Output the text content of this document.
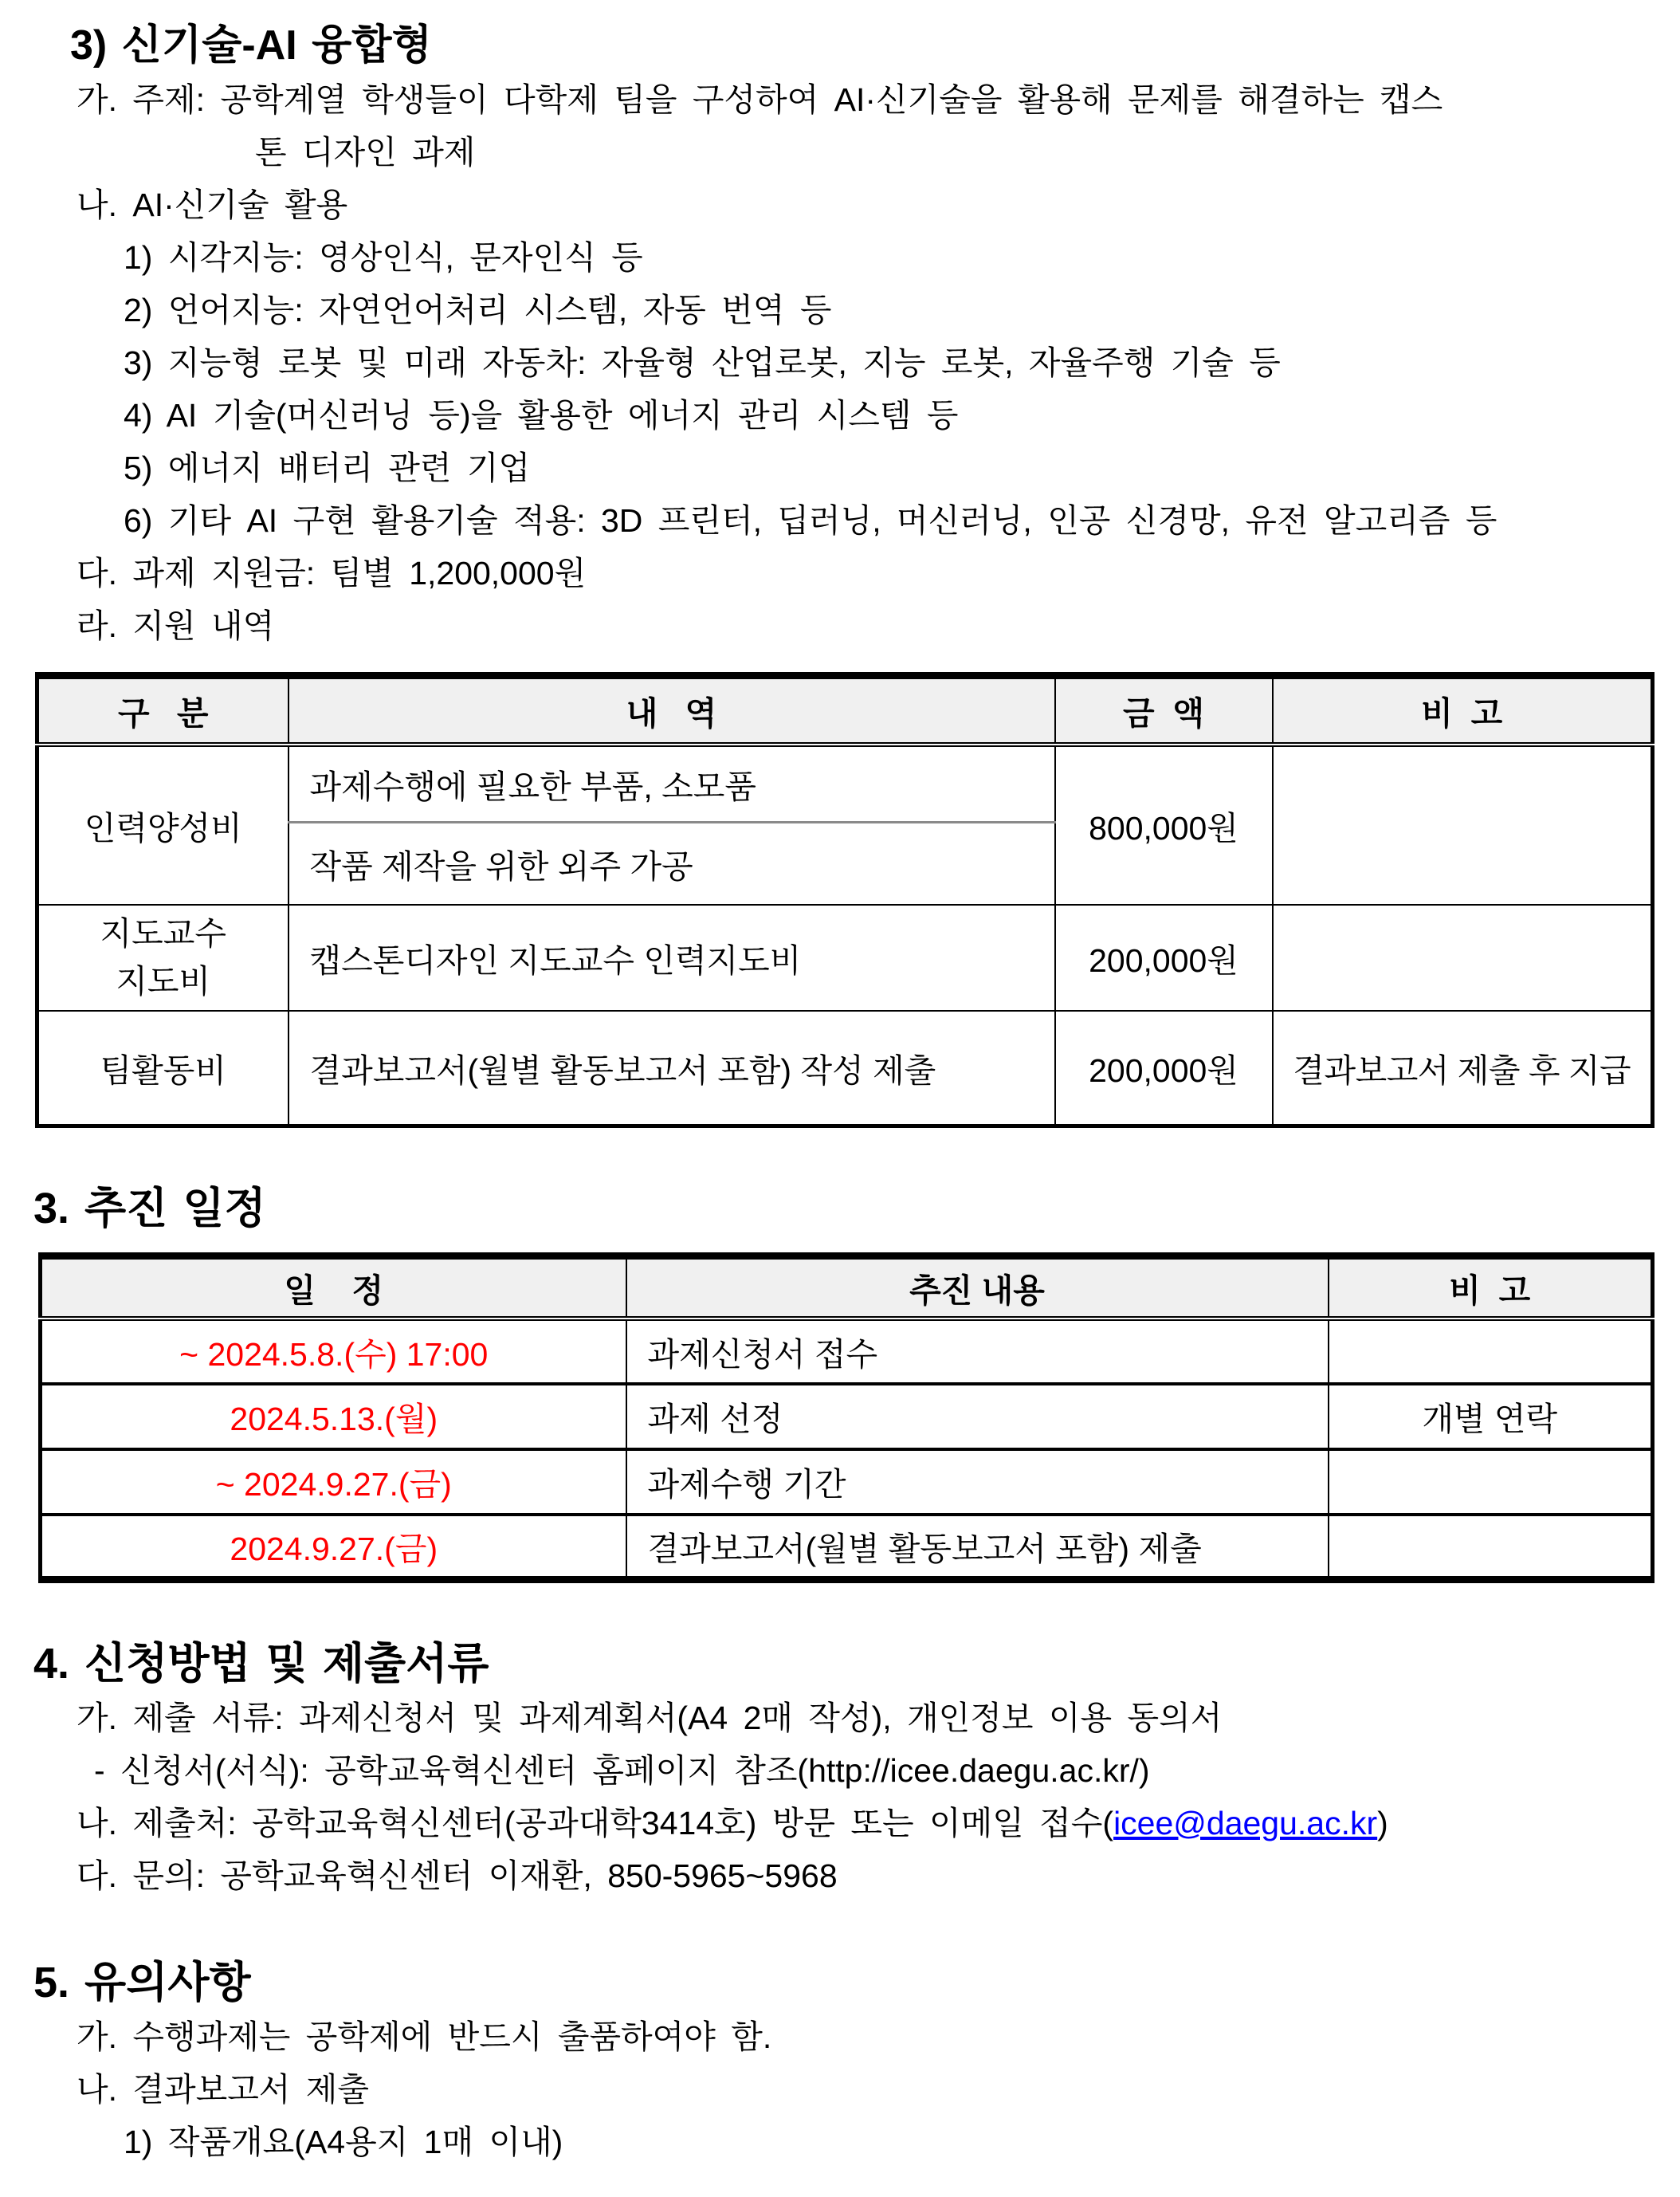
3) 신기술-AI 융합형
가. 주제: 공학계열 학생들이 다학제 팀을 구성하여 AI·신기술을 활용해 문제를 해결하는 캡스
톤 디자인 과제
나. AI·신기술 활용
1) 시각지능: 영상인식, 문자인식 등
2) 언어지능: 자연언어처리 시스템, 자동 번역 등
3) 지능형 로봇 및 미래 자동차: 자율형 산업로봇, 지능 로봇, 자율주행 기술 등
4) AI 기술(머신러닝 등)을 활용한 에너지 관리 시스템 등
5) 에너지 배터리 관련 기업
6) 기타 AI 구현 활용기술 적용: 3D 프린터, 딥러닝, 머신러닝, 인공 신경망, 유전 알고리즘 등
다. 과제 지원금: 팀별 1,200,000원
라. 지원 내역
구   분	내   역	금  액	비  고
인력양성비	과제수행에 필요한 부품, 소모품	800,000원	
	작품 제작을 위한 외주 가공		

지도교수
지도비	캡스톤디자인 지도교수 인력지도비	200,000원	
팀활동비	결과보고서(월별 활동보고서 포함) 작성 제출	200,000원	결과보고서 제출 후 지급
3. 추진 일정
일    정	추진 내용	비  고
~ 2024.5.8.(수) 17:00	과제신청서 접수	
2024.5.13.(월)	과제 선정	개별 연락
~ 2024.9.27.(금)	과제수행 기간	
2024.9.27.(금)	결과보고서(월별 활동보고서 포함) 제출	
4. 신청방법 및 제출서류
가. 제출 서류: 과제신청서 및 과제계획서(A4 2매 작성), 개인정보 이용 동의서
- 신청서(서식): 공학교육혁신센터 홈페이지 참조(http://icee.daegu.ac.kr/)
나. 제출처: 공학교육혁신센터(공과대학3414호) 방문 또는 이메일 접수(icee@daegu.ac.kr)
다. 문의: 공학교육혁신센터 이재환, 850-5965~5968
5. 유의사항
가. 수행과제는 공학제에 반드시 출품하여야 함.
나. 결과보고서 제출
1) 작품개요(A4용지 1매 이내)
